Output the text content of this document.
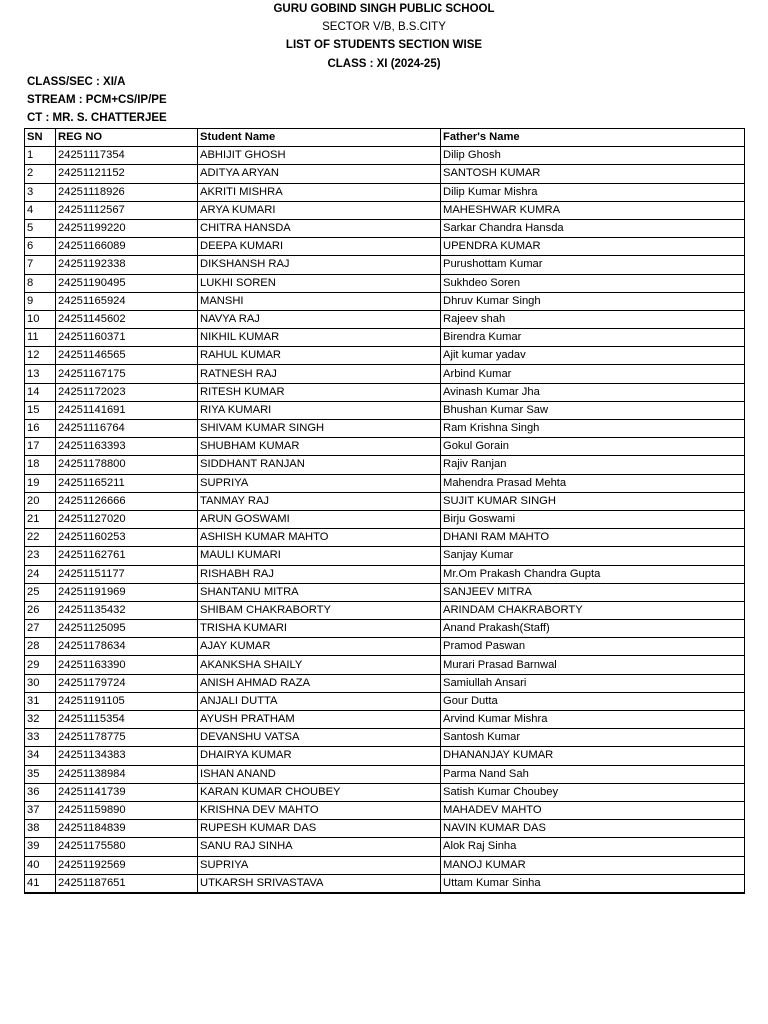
GURU GOBIND SINGH PUBLIC SCHOOL
SECTOR V/B, B.S.CITY
LIST OF STUDENTS SECTION WISE
CLASS : XI (2024-25)
CLASS/SEC : XI/A
STREAM : PCM+CS/IP/PE
CT : MR. S. CHATTERJEE
SN	REG NO	Student Name	Father's Name
1	24251117354	ABHIJIT GHOSH	Dilip Ghosh
2	24251121152	ADITYA ARYAN	SANTOSH KUMAR
3	24251118926	AKRITI MISHRA	Dilip Kumar Mishra
4	24251112567	ARYA KUMARI	MAHESHWAR KUMRA
5	24251199220	CHITRA HANSDA	Sarkar Chandra Hansda
6	24251166089	DEEPA KUMARI	UPENDRA KUMAR
7	24251192338	DIKSHANSH RAJ	Purushottam Kumar
8	24251190495	LUKHI SOREN	Sukhdeo Soren
9	24251165924	MANSHI	Dhruv Kumar Singh
10	24251145602	NAVYA RAJ	Rajeev shah
11	24251160371	NIKHIL KUMAR	Birendra Kumar
12	24251146565	RAHUL KUMAR	Ajit kumar yadav
13	24251167175	RATNESH RAJ	Arbind Kumar
14	24251172023	RITESH KUMAR	Avinash Kumar Jha
15	24251141691	RIYA KUMARI	Bhushan Kumar Saw
16	24251116764	SHIVAM KUMAR SINGH	Ram Krishna Singh
17	24251163393	SHUBHAM KUMAR	Gokul Gorain
18	24251178800	SIDDHANT RANJAN	Rajiv Ranjan
19	24251165211	SUPRIYA	Mahendra Prasad Mehta
20	24251126666	TANMAY RAJ	SUJIT KUMAR SINGH
21	24251127020	ARUN GOSWAMI	Birju Goswami
22	24251160253	ASHISH KUMAR MAHTO	DHANI RAM MAHTO
23	24251162761	MAULI KUMARI	Sanjay Kumar
24	24251151177	RISHABH RAJ	Mr.Om Prakash Chandra Gupta
25	24251191969	SHANTANU MITRA	SANJEEV MITRA
26	24251135432	SHIBAM CHAKRABORTY	ARINDAM CHAKRABORTY
27	24251125095	TRISHA KUMARI	Anand Prakash(Staff)
28	24251178634	AJAY KUMAR	Pramod Paswan
29	24251163390	AKANKSHA SHAILY	Murari Prasad Barnwal
30	24251179724	ANISH AHMAD RAZA	Samiullah Ansari
31	24251191105	ANJALI DUTTA	Gour Dutta
32	24251115354	AYUSH PRATHAM	Arvind Kumar Mishra
33	24251178775	DEVANSHU VATSA	Santosh Kumar
34	24251134383	DHAIRYA KUMAR	DHANANJAY KUMAR
35	24251138984	ISHAN ANAND	Parma Nand Sah
36	24251141739	KARAN KUMAR CHOUBEY	Satish Kumar Choubey
37	24251159890	KRISHNA DEV MAHTO	MAHADEV MAHTO
38	24251184839	RUPESH KUMAR DAS	NAVIN KUMAR DAS
39	24251175580	SANU RAJ SINHA	Alok Raj Sinha
40	24251192569	SUPRIYA	MANOJ KUMAR
41	24251187651	UTKARSH SRIVASTAVA	Uttam Kumar Sinha
